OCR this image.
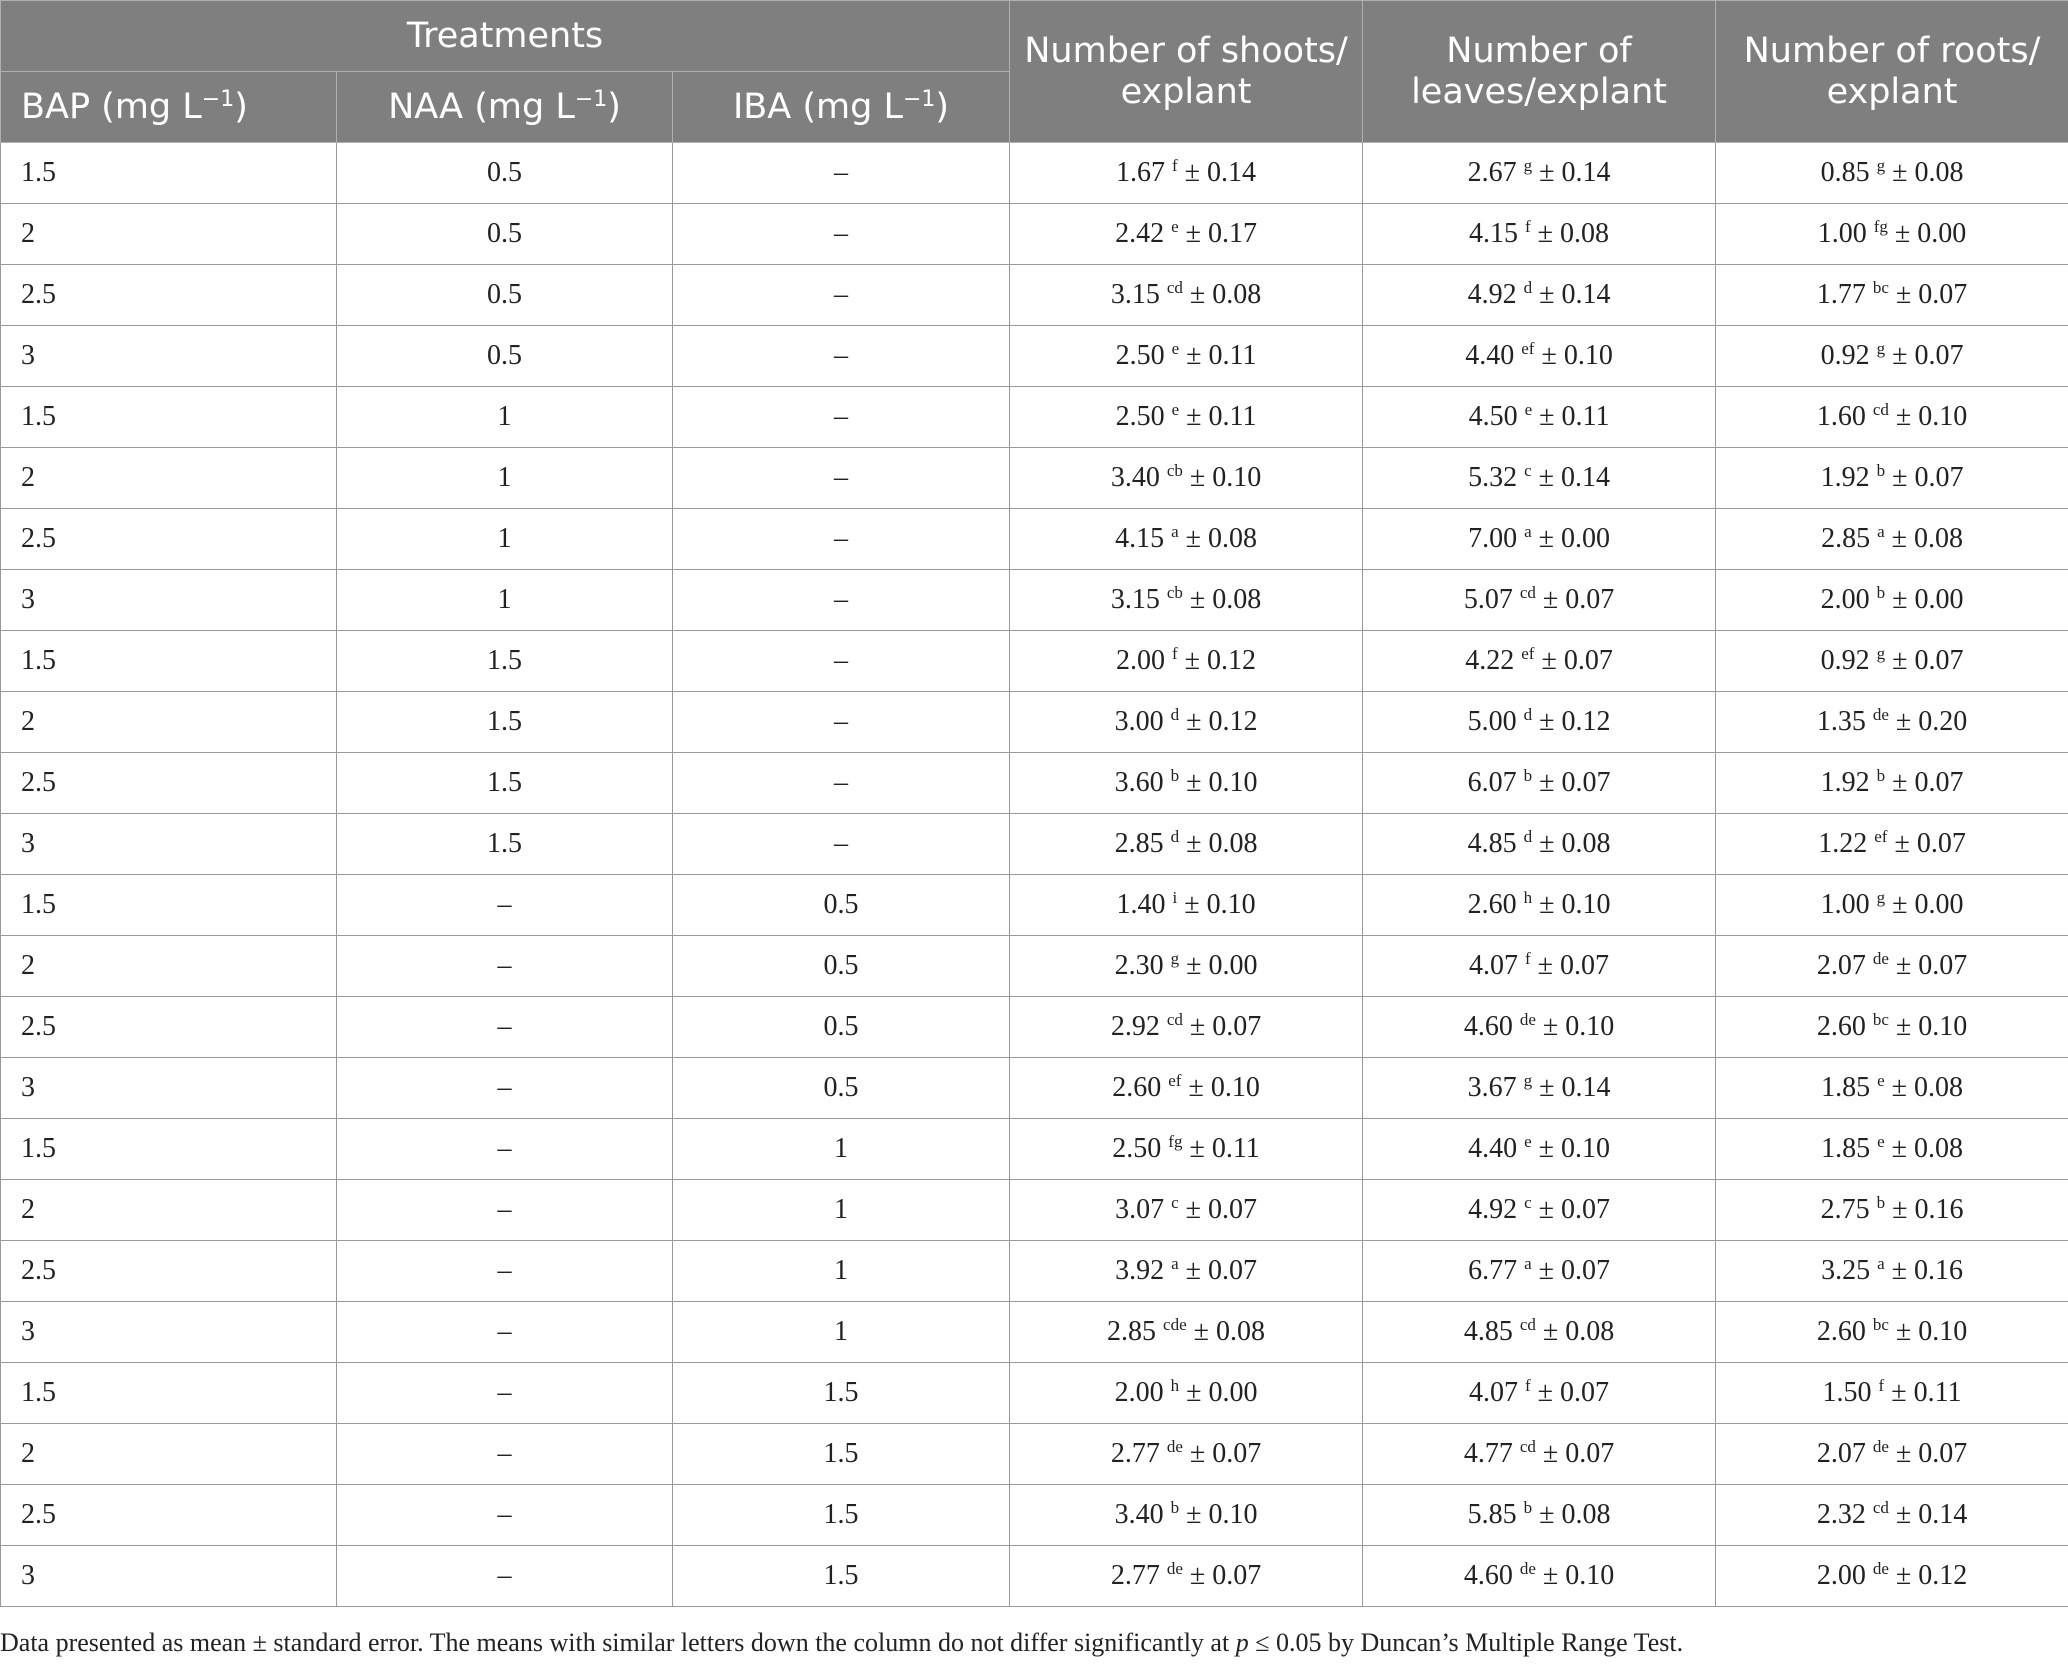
Treatments			Number of shoots/ explant	Number of leaves/explant	Number of roots/ explant
BAP (mg $L^{-1}$)	NAA (mg $L^{-1}$)	IBA (mg $L^{-1}$)			
1.5	0.5	–	1.67 $^f$ ± 0.14	2.67 $^g$ ± 0.14	0.85 $^g$ ± 0.08
2	0.5	–	2.42 $^e$ ± 0.17	4.15 $^f$ ± 0.08	1.00 $^{fg}$ ± 0.00
2.5	0.5	–	3.15 $^{cd}$ ± 0.08	4.92 $^d$ ± 0.14	1.77 $^{bc}$ ± 0.07
3	0.5	–	2.50 $^e$ ± 0.11	4.40 $^{ef}$ ± 0.10	0.92 $^g$ ± 0.07
1.5	1	–	2.50 $^e$ ± 0.11	4.50 $^e$ ± 0.11	1.60 $^{cd}$ ± 0.10
2	1	–	3.40 $^{cb}$ ± 0.10	5.32 $^c$ ± 0.14	1.92 $^b$ ± 0.07
2.5	1	–	4.15 $^a$ ± 0.08	7.00 $^a$ ± 0.00	2.85 $^a$ ± 0.08
3	1	–	3.15 $^{cb}$ ± 0.08	5.07 $^{cd}$ ± 0.07	2.00 $^b$ ± 0.00
1.5	1.5	–	2.00 $^f$ ± 0.12	4.22 $^{ef}$ ± 0.07	0.92 $^g$ ± 0.07
2	1.5	–	3.00 $^d$ ± 0.12	5.00 $^d$ ± 0.12	1.35 $^{de}$ ± 0.20
2.5	1.5	–	3.60 $^b$ ± 0.10	6.07 $^b$ ± 0.07	1.92 $^b$ ± 0.07
3	1.5	–	2.85 $^d$ ± 0.08	4.85 $^d$ ± 0.08	1.22 $^{ef}$ ± 0.07
1.5	–	0.5	1.40 $^i$ ± 0.10	2.60 $^h$ ± 0.10	1.00 $^g$ ± 0.00
2	–	0.5	2.30 $^g$ ± 0.00	4.07 $^f$ ± 0.07	2.07 $^{de}$ ± 0.07
2.5	–	0.5	2.92 $^{cd}$ ± 0.07	4.60 $^{de}$ ± 0.10	2.60 $^{bc}$ ± 0.10
3	–	0.5	2.60 $^{ef}$ ± 0.10	3.67 $^g$ ± 0.14	1.85 $^e$ ± 0.08
1.5	–	1	2.50 $^{fg}$ ± 0.11	4.40 $^e$ ± 0.10	1.85 $^e$ ± 0.08
2	–	1	3.07 $^c$ ± 0.07	4.92 $^c$ ± 0.07	2.75 $^b$ ± 0.16
2.5	–	1	3.92 $^a$ ± 0.07	6.77 $^a$ ± 0.07	3.25 $^a$ ± 0.16
3	–	1	2.85 $^{cde}$ ± 0.08	4.85 $^{cd}$ ± 0.08	2.60 $^{bc}$ ± 0.10
1.5	–	1.5	2.00 $^h$ ± 0.00	4.07 $^f$ ± 0.07	1.50 $^f$ ± 0.11
2	–	1.5	2.77 $^{de}$ ± 0.07	4.77 $^{cd}$ ± 0.07	2.07 $^{de}$ ± 0.07
2.5	–	1.5	3.40 $^b$ ± 0.10	5.85 $^b$ ± 0.08	2.32 $^{cd}$ ± 0.14
3	–	1.5	2.77 $^{de}$ ± 0.07	4.60 $^{de}$ ± 0.10	2.00 $^{de}$ ± 0.12
Data presented as mean ± standard error. The means with similar letters down the column do not differ significantly at p ≤ 0.05 by Duncan’s Multiple Range Test.
